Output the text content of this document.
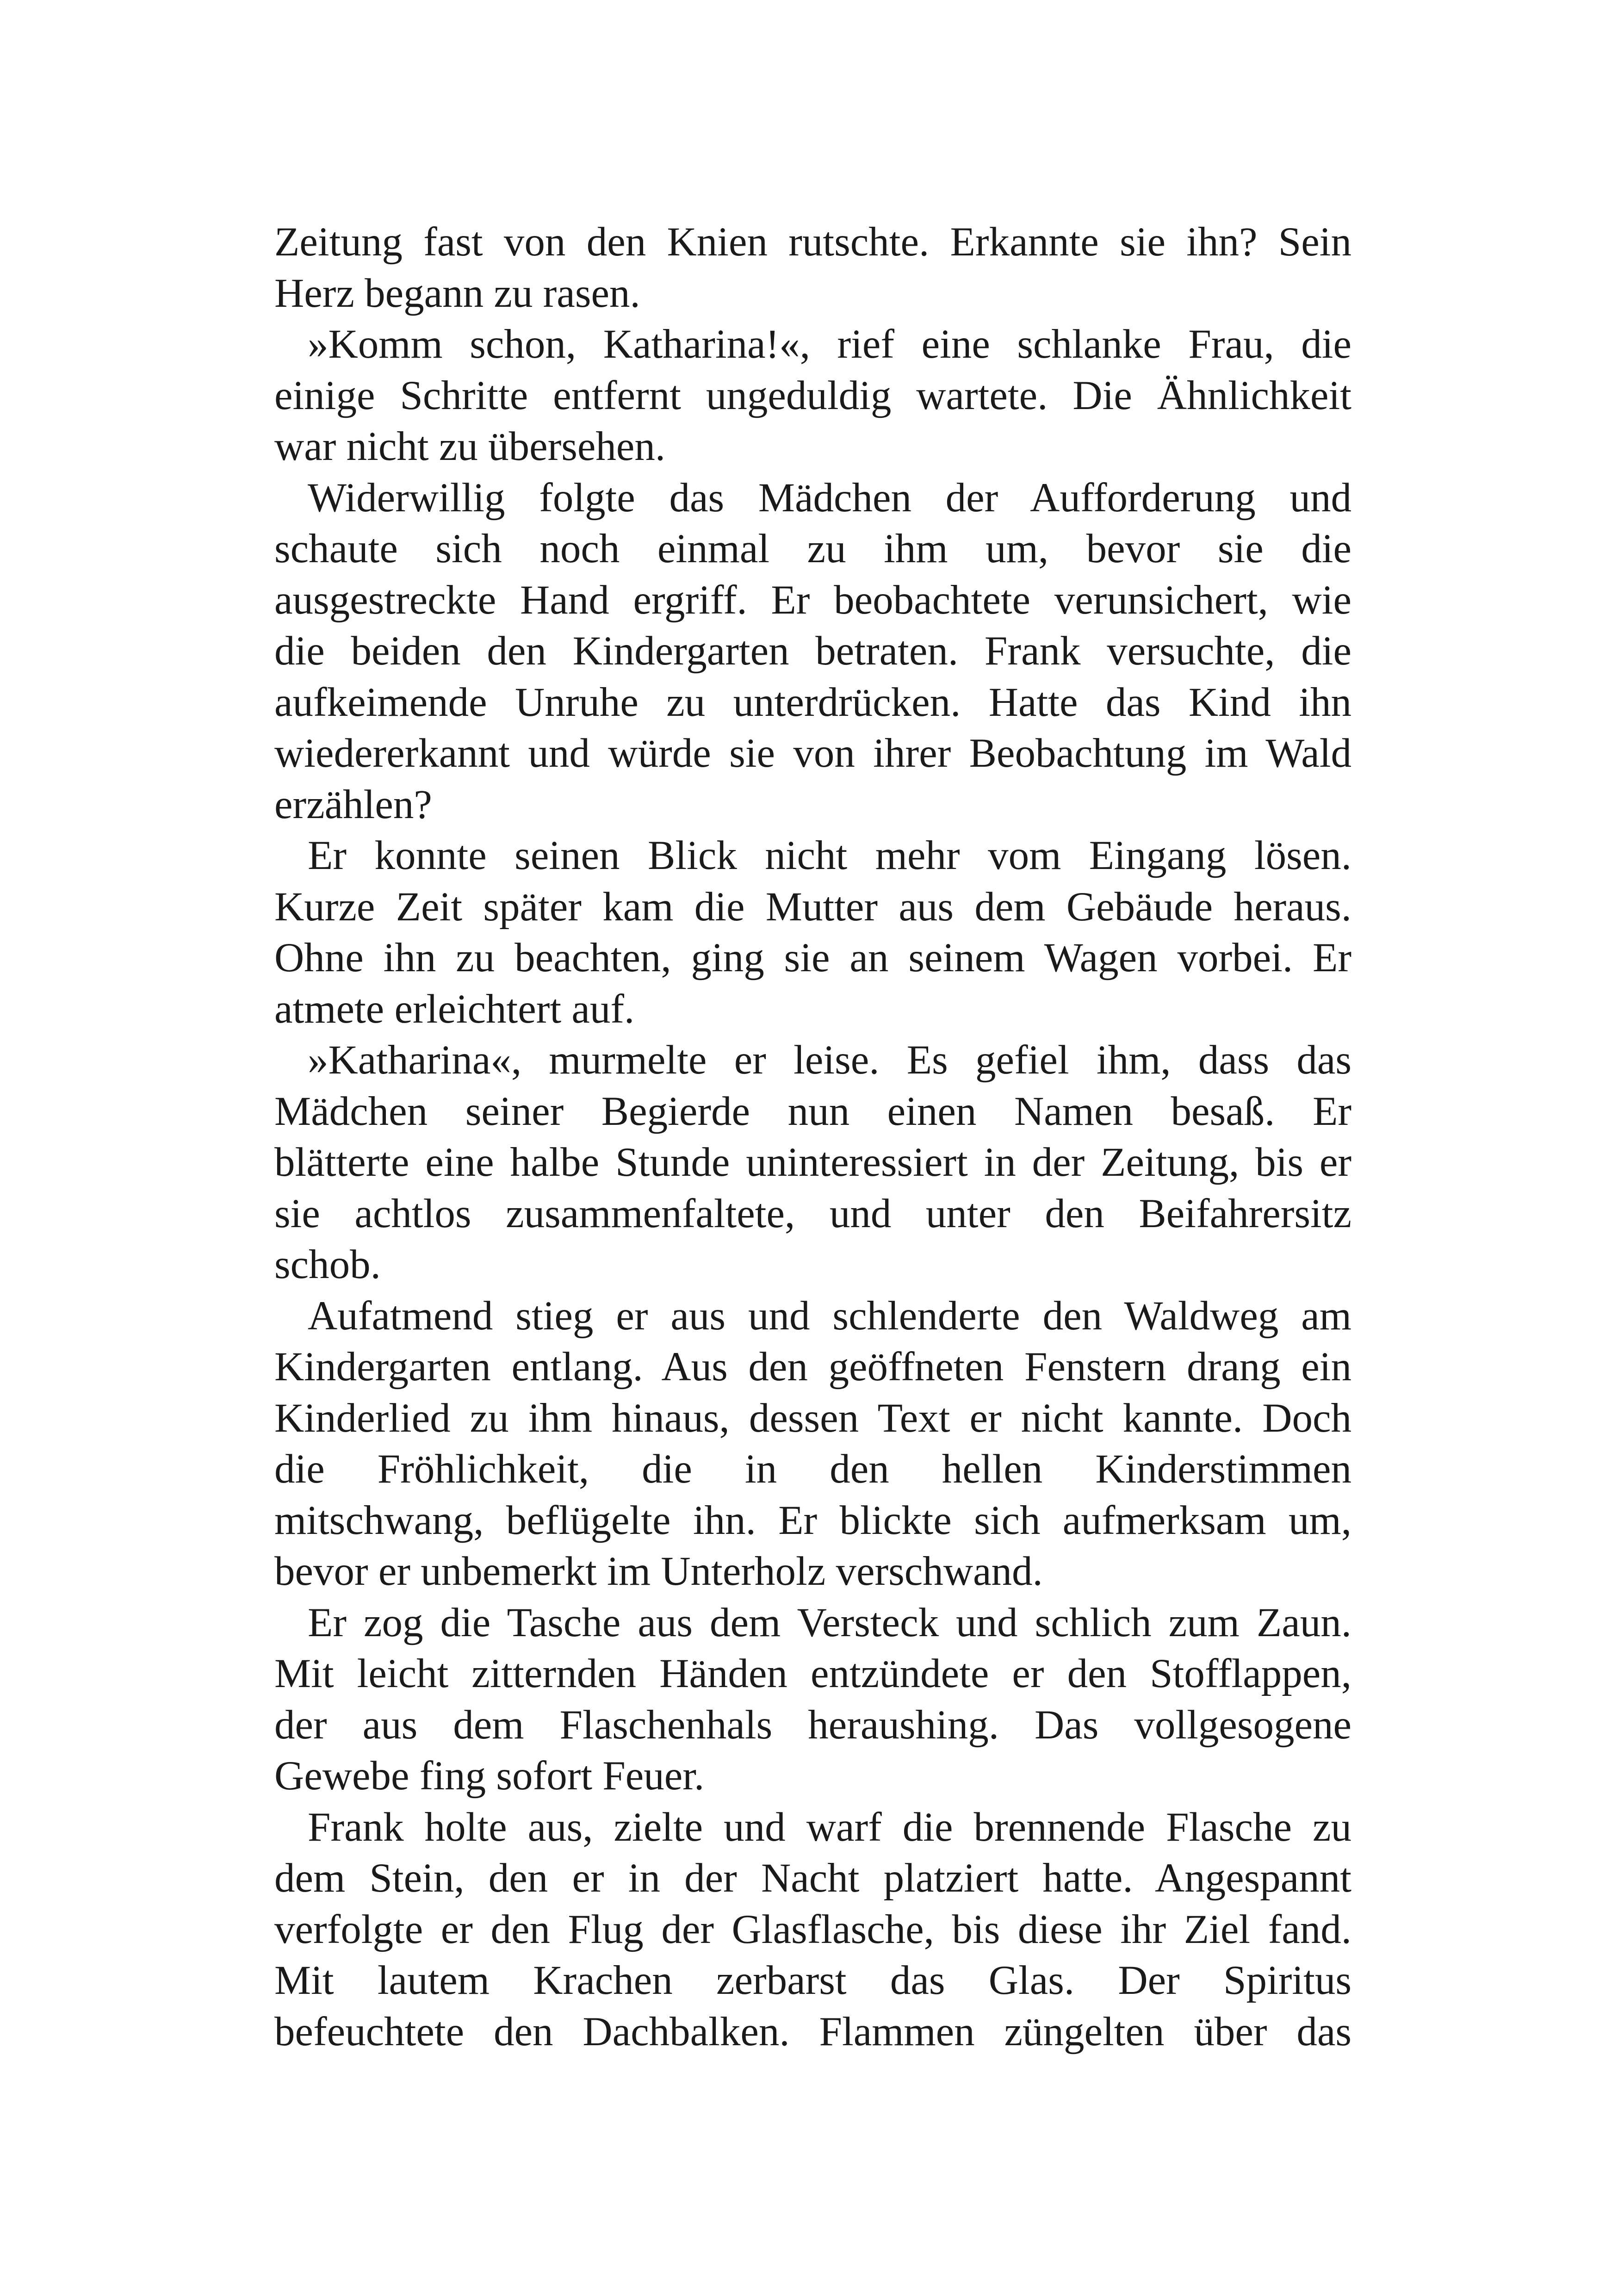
Zeitung fast von den Knien rutschte. Erkannte sie ihn? Sein
Herz begann zu rasen.
»Komm schon, Katharina!«, rief eine schlanke Frau, die
einige Schritte entfernt ungeduldig wartete. Die Ähnlichkeit
war nicht zu übersehen.
Widerwillig folgte das Mädchen der Aufforderung und
schaute sich noch einmal zu ihm um, bevor sie die
ausgestreckte Hand ergriff. Er beobachtete verunsichert, wie
die beiden den Kindergarten betraten. Frank versuchte, die
aufkeimende Unruhe zu unterdrücken. Hatte das Kind ihn
wiedererkannt und würde sie von ihrer Beobachtung im Wald
erzählen?
Er konnte seinen Blick nicht mehr vom Eingang lösen.
Kurze Zeit später kam die Mutter aus dem Gebäude heraus.
Ohne ihn zu beachten, ging sie an seinem Wagen vorbei. Er
atmete erleichtert auf.
»Katharina«, murmelte er leise. Es gefiel ihm, dass das
Mädchen seiner Begierde nun einen Namen besaß. Er
blätterte eine halbe Stunde uninteressiert in der Zeitung, bis er
sie achtlos zusammenfaltete, und unter den Beifahrersitz
schob.
Aufatmend stieg er aus und schlenderte den Waldweg am
Kindergarten entlang. Aus den geöffneten Fenstern drang ein
Kinderlied zu ihm hinaus, dessen Text er nicht kannte. Doch
die Fröhlichkeit, die in den hellen Kinderstimmen
mitschwang, beflügelte ihn. Er blickte sich aufmerksam um,
bevor er unbemerkt im Unterholz verschwand.
Er zog die Tasche aus dem Versteck und schlich zum Zaun.
Mit leicht zitternden Händen entzündete er den Stofflappen,
der aus dem Flaschenhals heraushing. Das vollgesogene
Gewebe fing sofort Feuer.
Frank holte aus, zielte und warf die brennende Flasche zu
dem Stein, den er in der Nacht platziert hatte. Angespannt
verfolgte er den Flug der Glasflasche, bis diese ihr Ziel fand.
Mit lautem Krachen zerbarst das Glas. Der Spiritus
befeuchtete den Dachbalken. Flammen züngelten über das
